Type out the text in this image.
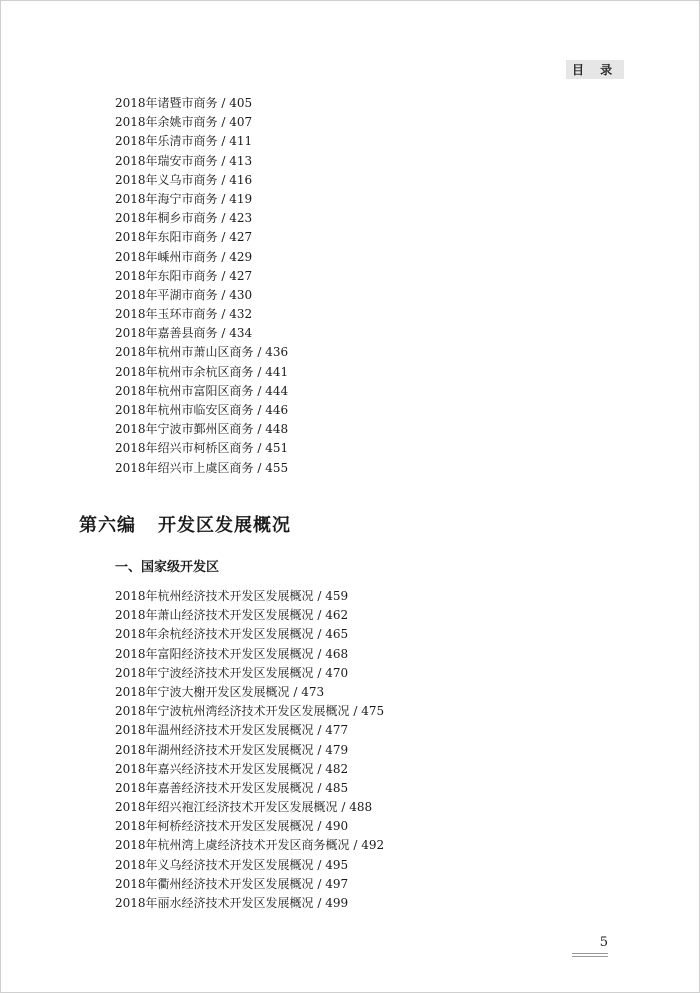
目 录
2018年诸暨市商务 / 405
2018年余姚市商务 / 407
2018年乐清市商务 / 411
2018年瑞安市商务 / 413
2018年义乌市商务 / 416
2018年海宁市商务 / 419
2018年桐乡市商务 / 423
2018年东阳市商务 / 427
2018年嵊州市商务 / 429
2018年东阳市商务 / 427
2018年平湖市商务 / 430
2018年玉环市商务 / 432
2018年嘉善县商务 / 434
2018年杭州市萧山区商务 / 436
2018年杭州市余杭区商务 / 441
2018年杭州市富阳区商务 / 444
2018年杭州市临安区商务 / 446
2018年宁波市鄞州区商务 / 448
2018年绍兴市柯桥区商务 / 451
2018年绍兴市上虞区商务 / 455
第六编 开发区发展概况
一、国家级开发区
2018年杭州经济技术开发区发展概况 / 459
2018年萧山经济技术开发区发展概况 / 462
2018年余杭经济技术开发区发展概况 / 465
2018年富阳经济技术开发区发展概况 / 468
2018年宁波经济技术开发区发展概况 / 470
2018年宁波大榭开发区发展概况 / 473
2018年宁波杭州湾经济技术开发区发展概况 / 475
2018年温州经济技术开发区发展概况 / 477
2018年湖州经济技术开发区发展概况 / 479
2018年嘉兴经济技术开发区发展概况 / 482
2018年嘉善经济技术开发区发展概况 / 485
2018年绍兴袍江经济技术开发区发展概况 / 488
2018年柯桥经济技术开发区发展概况 / 490
2018年杭州湾上虞经济技术开发区商务概况 / 492
2018年义乌经济技术开发区发展概况 / 495
2018年衢州经济技术开发区发展概况 / 497
2018年丽水经济技术开发区发展概况 / 499
5
